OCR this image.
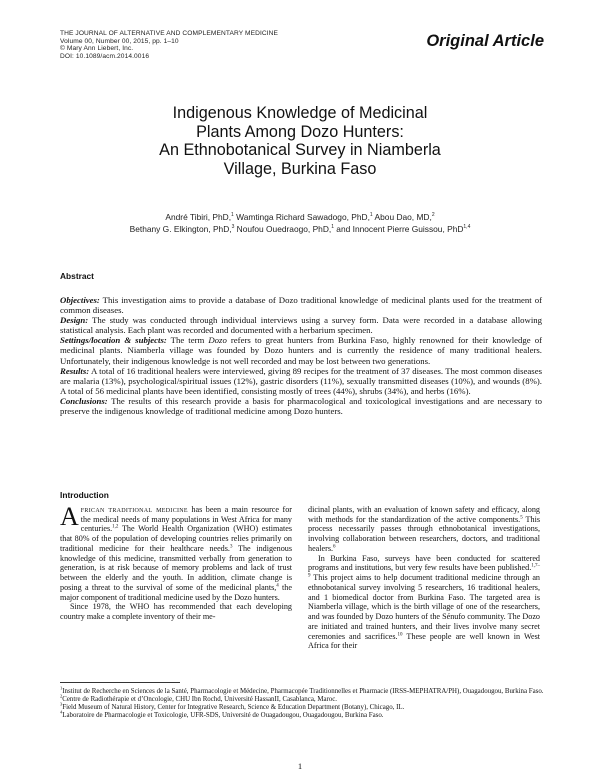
THE JOURNAL OF ALTERNATIVE AND COMPLEMENTARY MEDICINE
Volume 00, Number 00, 2015, pp. 1–10
© Mary Ann Liebert, Inc.
DOI: 10.1089/acm.2014.0016
Original Article
Indigenous Knowledge of Medicinal
Plants Among Dozo Hunters:
An Ethnobotanical Survey in Niamberla
Village, Burkina Faso
André Tibiri, PhD,$^1$ Wamtinga Richard Sawadogo, PhD,$^1$ Abou Dao, MD,$^2$
Bethany G. Elkington, PhD,$^3$ Noufou Ouedraogo, PhD,$^1$ and Innocent Pierre Guissou, PhD$^{1,4}$
Abstract

Objectives: This investigation aims to provide a database of Dozo traditional knowledge of medicinal plants used for the treatment of common diseases.

Design: The study was conducted through individual interviews using a survey form. Data were recorded in a database allowing statistical analysis. Each plant was recorded and documented with a herbarium specimen.

Settings/location & subjects: The term Dozo refers to great hunters from Burkina Faso, highly renowned for their knowledge of medicinal plants. Niamberla village was founded by Dozo hunters and is currently the residence of many traditional healers. Unfortunately, their indigenous knowledge is not well recorded and may be lost between two generations.

Results: A total of 16 traditional healers were interviewed, giving 89 recipes for the treatment of 37 diseases. The most common diseases are malaria (13%), psychological/spiritual issues (12%), gastric disorders (11%), sexually transmitted diseases (10%), and wounds (8%). A total of 56 medicinal plants have been identified, consisting mostly of trees (44%), shrubs (34%), and herbs (16%).

Conclusions: The results of this research provide a basis for pharmacological and toxicological investigations and are necessary to preserve the indigenous knowledge of traditional medicine among Dozo hunters.

Introduction

African traditional medicine has been a main resource for the medical needs of many populations in West Africa for many centuries.$^{1,2}$ The World Health Organization (WHO) estimates that 80% of the population of developing countries relies primarily on traditional medicine for their healthcare needs.$^3$ The indigenous knowledge of this medicine, transmitted verbally from generation to generation, is at risk because of memory problems and lack of trust between the elderly and the youth. In addition, climate change is posing a threat to the survival of some of the medicinal plants,$^4$ the major component of traditional medicine used by the Dozo hunters.

Since 1978, the WHO has recommended that each developing country make a complete inventory of their me-

dicinal plants, with an evaluation of known safety and efficacy, along with methods for the standardization of the active components.$^5$ This process necessarily passes through ethnobotanical investigations, involving collaboration between researchers, doctors, and traditional healers.$^6$

In Burkina Faso, surveys have been conducted for scattered programs and institutions, but very few results have been published.$^{1,7-9}$ This project aims to help document traditional medicine through an ethnobotanical survey involving 5 researchers, 16 traditional healers, and 1 biomedical doctor from Burkina Faso. The targeted area is Niamberla village, which is the birth village of one of the researchers, and was founded by Dozo hunters of the Sénufo community. The Dozo are initiated and trained hunters, and their lives involve many secret ceremonies and sacrifices.$^{10}$ These people are well known in West Africa for their

$^1$Institut de Recherche en Sciences de la Santé, Pharmacologie et Médecine, Pharmacopée Traditionnelles et Pharmacie (IRSS-MEPHATRA/PH), Ouagadougou, Burkina Faso.
$^2$Centre de Radiothérapie et d’Oncologie, CHU Ibn Rochd, Université HassanII, Casablanca, Maroc.
$^3$Field Museum of Natural History, Center for Integrative Research, Science & Education Department (Botany), Chicago, IL.
$^4$Laboratoire de Pharmacologie et Toxicologie, UFR-SDS, Université de Ouagadougou, Ouagadougou, Burkina Faso.
1
